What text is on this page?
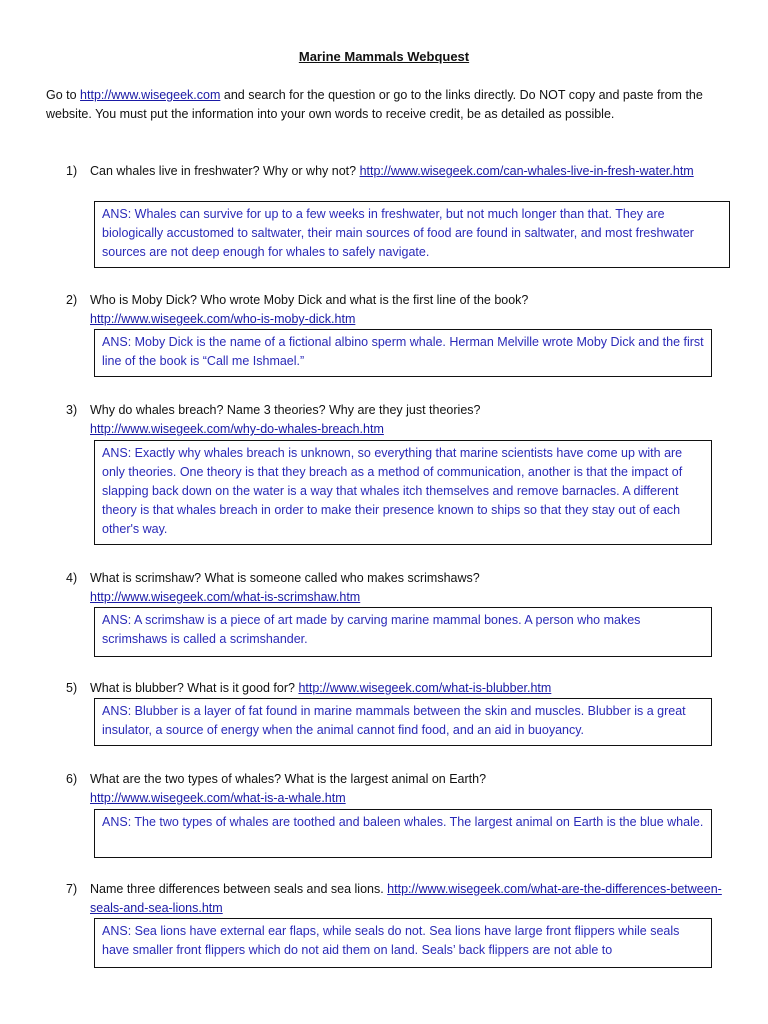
Marine Mammals Webquest
Go to http://www.wisegeek.com and search for the question or go to the links directly. Do NOT copy and paste from the website. You must put the information into your own words to receive credit, be as detailed as possible.
1) Can whales live in freshwater? Why or why not? http://www.wisegeek.com/can-whales-live-in-fresh-water.htm
ANS: Whales can survive for up to a few weeks in freshwater, but not much longer than that. They are biologically accustomed to saltwater, their main sources of food are found in saltwater, and most freshwater sources are not deep enough for whales to safely navigate.
2) Who is Moby Dick? Who wrote Moby Dick and what is the first line of the book?
http://www.wisegeek.com/who-is-moby-dick.htm
ANS: Moby Dick is the name of a fictional albino sperm whale. Herman Melville wrote Moby Dick and the first line of the book is “Call me Ishmael.”
3) Why do whales breach? Name 3 theories? Why are they just theories?
http://www.wisegeek.com/why-do-whales-breach.htm
ANS: Exactly why whales breach is unknown, so everything that marine scientists have come up with are only theories. One theory is that they breach as a method of communication, another is that the impact of slapping back down on the water is a way that whales itch themselves and remove barnacles. A different theory is that whales breach in order to make their presence known to ships so that they stay out of each other's way.
4) What is scrimshaw? What is someone called who makes scrimshaws?
http://www.wisegeek.com/what-is-scrimshaw.htm
ANS: A scrimshaw is a piece of art made by carving marine mammal bones. A person who makes scrimshaws is called a scrimshander.
5) What is blubber? What is it good for? http://www.wisegeek.com/what-is-blubber.htm
ANS: Blubber is a layer of fat found in marine mammals between the skin and muscles. Blubber is a great insulator, a source of energy when the animal cannot find food, and an aid in buoyancy.
6) What are the two types of whales? What is the largest animal on Earth?
http://www.wisegeek.com/what-is-a-whale.htm
ANS: The two types of whales are toothed and baleen whales. The largest animal on Earth is the blue whale.
7) Name three differences between seals and sea lions. http://www.wisegeek.com/what-are-the-differences-between-seals-and-sea-lions.htm
ANS: Sea lions have external ear flaps, while seals do not. Sea lions have large front flippers while seals have smaller front flippers which do not aid them on land. Seals’ back flippers are not able to
